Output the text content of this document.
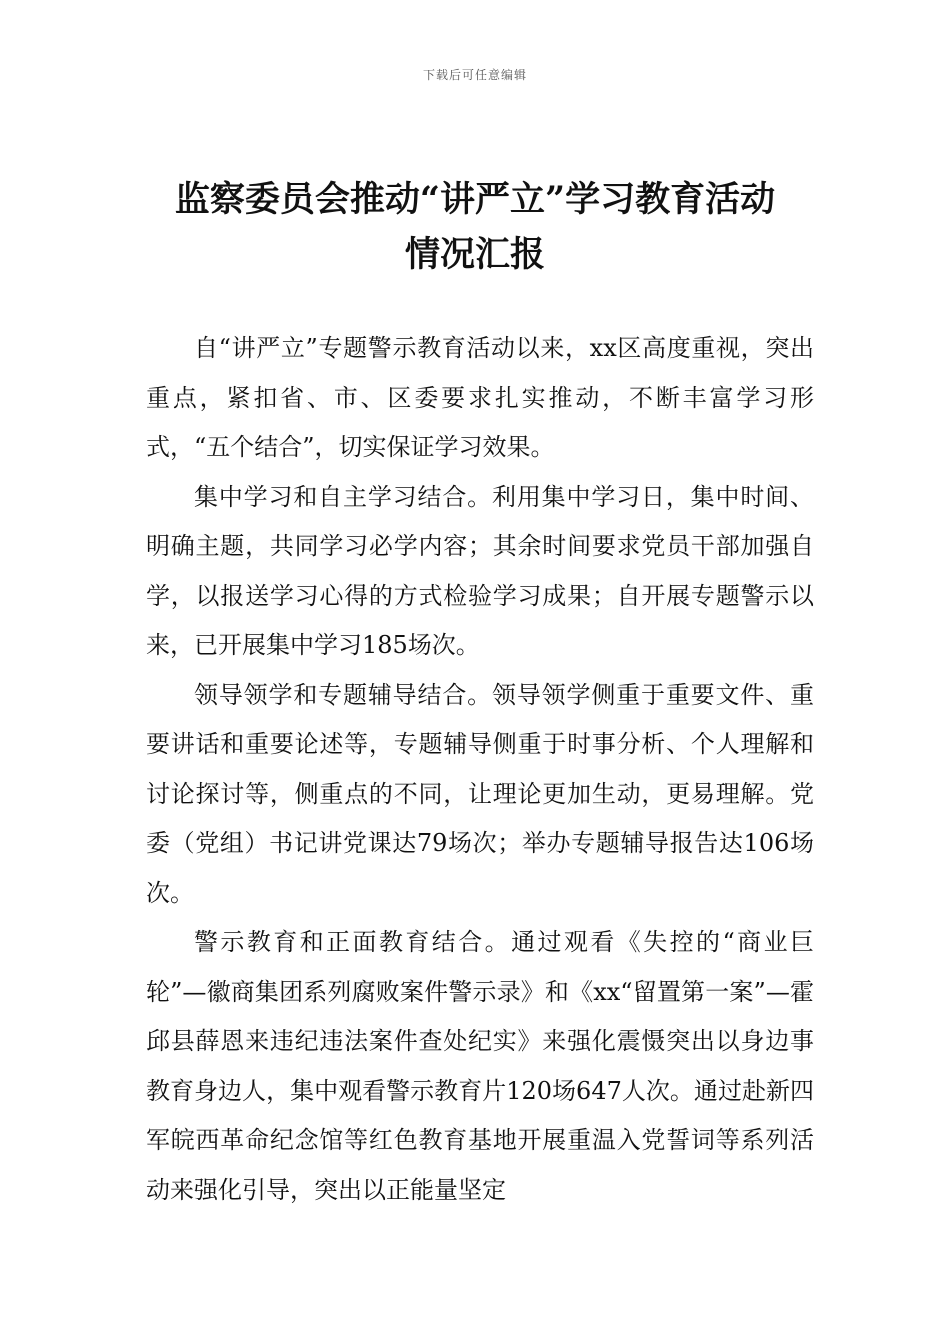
下载后可任意编辑
监察委员会推动“讲严立”学习教育活动
情况汇报

自“讲严立”专题警示教育活动以来，xx区高度重视，突出重点，紧扣省、市、区委要求扎实推动，不断丰富学习形式，“五个结合”，切实保证学习效果。

集中学习和自主学习结合。利用集中学习日，集中时间、明确主题，共同学习必学内容；其余时间要求党员干部加强自学，以报送学习心得的方式检验学习成果；自开展专题警示以来，已开展集中学习185场次。

领导领学和专题辅导结合。领导领学侧重于重要文件、重要讲话和重要论述等，专题辅导侧重于时事分析、个人理解和讨论探讨等，侧重点的不同，让理论更加生动，更易理解。党委（党组）书记讲党课达79场次；举办专题辅导报告达106场次。

警示教育和正面教育结合。通过观看《失控的“商业巨轮”—徽商集团系列腐败案件警示录》和《xx“留置第一案”—霍邱县薛恩来违纪违法案件查处纪实》来强化震慑突出以身边事教育身边人，集中观看警示教育片120场647人次。通过赴新四军皖西革命纪念馆等红色教育基地开展重温入党誓词等系列活动来强化引导，突出以正能量坚定
